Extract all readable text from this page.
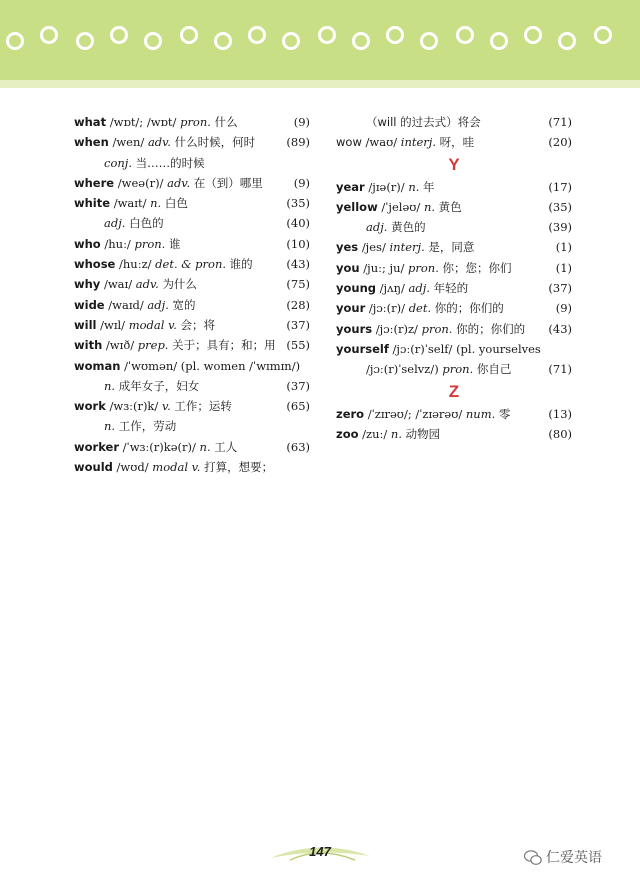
what /wɒt/; /wɒt/ pron. 什么	(9)
when /wen/ adv. 什么时候，何时	(89)
conj. 当……的时候
where /weə(r)/ adv. 在（到）哪里	(9)
white /waɪt/ n. 白色	(35)
adj. 白色的	(40)
who /huː/ pron. 谁	(10)
whose /huːz/ det. & pron. 谁的	(43)
why /waɪ/ adv. 为什么	(75)
wide /waɪd/ adj. 宽的	(28)
will /wɪl/ modal v. 会；将	(37)
with /wɪð/ prep. 关于；具有；和；用 (55)
woman /ˈwʊmən/ (pl. women /ˈwɪmɪn/)
n. 成年女子，妇女	(37)
work /wɜː(r)k/ v. 工作；运转	(65)
n. 工作，劳动
worker /ˈwɜː(r)kə(r)/ n. 工人	(63)
would /wʊd/ modal v. 打算，想要；
（will 的过去式）将会	(71)
wow /waʊ/ interj. 呀，哇	(20)
Y
year /jɪə(r)/ n. 年	(17)
yellow /ˈjeləʊ/ n. 黄色	(35)
adj. 黄色的	(39)
yes /jes/ interj. 是，同意	(1)
you /juː; ju/ pron. 你；您；你们	(1)
young /jʌŋ/ adj. 年轻的	(37)
your /jɔː(r)/ det. 你的；你们的	(9)
yours /jɔː(r)z/ pron. 你的；你们的 (43)
yourself /jɔː(r)ˈself/ (pl. yourselves
/jɔː(r)ˈselvz/) pron. 你自己	(71)
Z
zero /ˈzɪrəʊ/; /ˈzɪərəʊ/ num. 零	(13)
zoo /zuː/ n. 动物园	(80)
147	仁爱英语
